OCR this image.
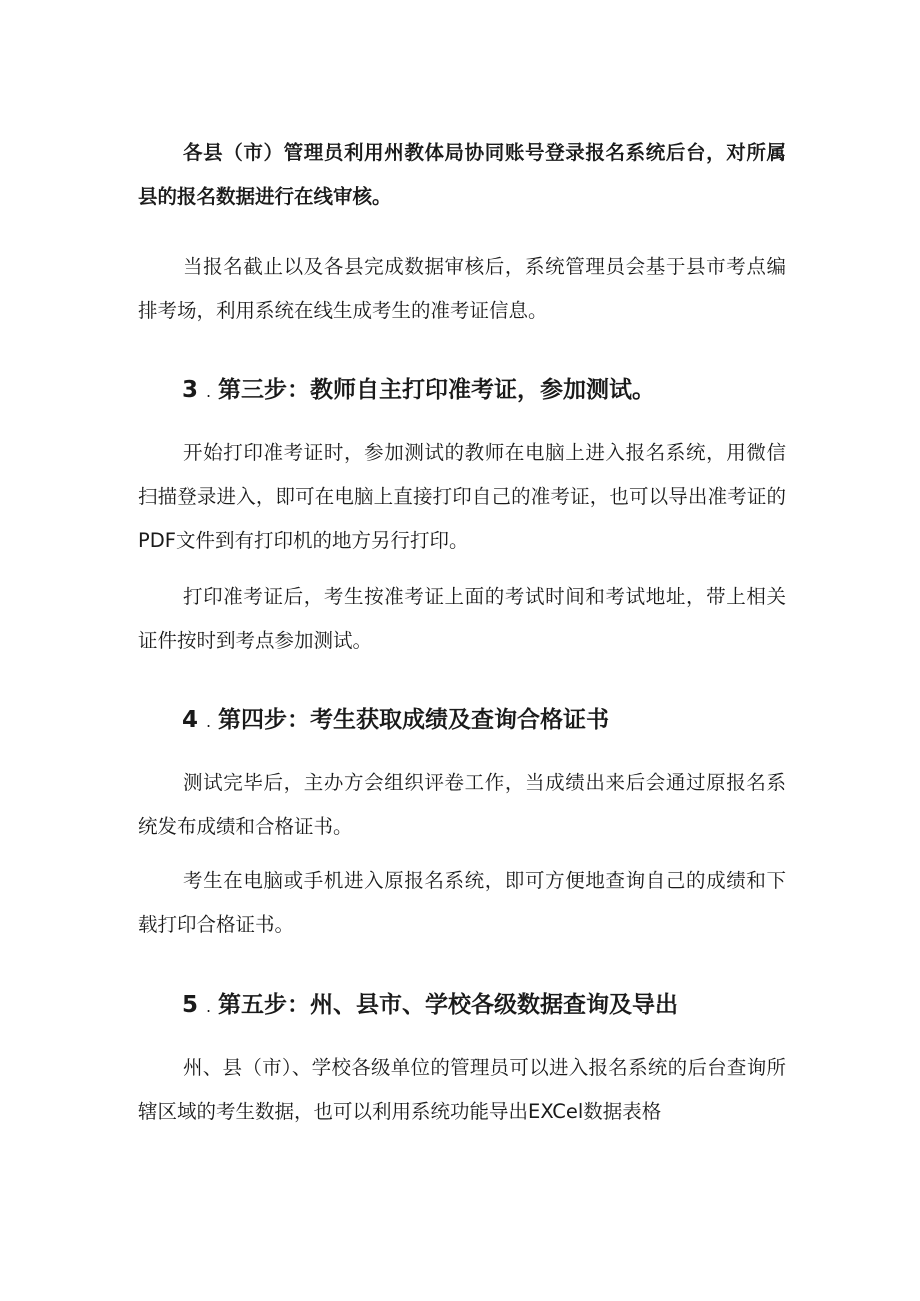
各县（市）管理员利用州教体局协同账号登录报名系统后台，对所属县的报名数据进行在线审核。

当报名截止以及各县完成数据审核后，系统管理员会基于县市考点编排考场，利用系统在线生成考生的准考证信息。

3 . 第三步：教师自主打印准考证，参加测试。

开始打印准考证时，参加测试的教师在电脑上进入报名系统，用微信扫描登录进入，即可在电脑上直接打印自己的准考证，也可以导出准考证的PDF文件到有打印机的地方另行打印。

打印准考证后，考生按准考证上面的考试时间和考试地址，带上相关证件按时到考点参加测试。

4 . 第四步：考生获取成绩及查询合格证书

测试完毕后，主办方会组织评卷工作，当成绩出来后会通过原报名系统发布成绩和合格证书。

考生在电脑或手机进入原报名系统，即可方便地查询自己的成绩和下载打印合格证书。

5 . 第五步：州、县市、学校各级数据查询及导出

州、县（市）、学校各级单位的管理员可以进入报名系统的后台查询所辖区域的考生数据，也可以利用系统功能导出EXCel数据表格
